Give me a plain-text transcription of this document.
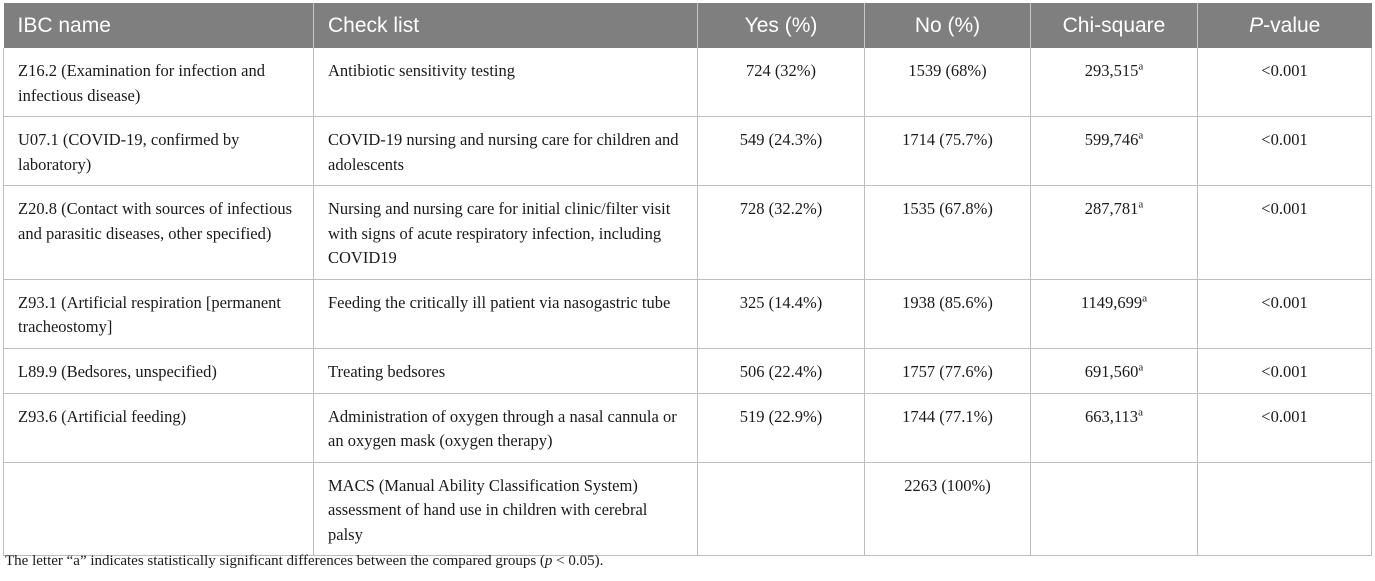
IBC name	Check list	Yes (%)	No (%)	Chi-square	P-value
Z16.2 (Examination for infection and infectious disease)	Antibiotic sensitivity testing	724 (32%)	1539 (68%)	293,515$^a$	<0.001
U07.1 (COVID-19, confirmed by laboratory)	COVID-19 nursing and nursing care for children and adolescents	549 (24.3%)	1714 (75.7%)	599,746$^a$	<0.001
Z20.8 (Contact with sources of infectious and parasitic diseases, other specified)	Nursing and nursing care for initial clinic/filter visit with signs of acute respiratory infection, including COVID19	728 (32.2%)	1535 (67.8%)	287,781$^a$	<0.001
Z93.1 (Artificial respiration [permanent tracheostomy]	Feeding the critically ill patient via nasogastric tube	325 (14.4%)	1938 (85.6%)	1149,699$^a$	<0.001
L89.9 (Bedsores, unspecified)	Treating bedsores	506 (22.4%)	1757 (77.6%)	691,560$^a$	<0.001
Z93.6 (Artificial feeding)	Administration of oxygen through a nasal cannula or an oxygen mask (oxygen therapy)	519 (22.9%)	1744 (77.1%)	663,113$^a$	<0.001
	MACS (Manual Ability Classification System) assessment of hand use in children with cerebral palsy		2263 (100%)		
The letter “a” indicates statistically significant differences between the compared groups (p < 0.05).
